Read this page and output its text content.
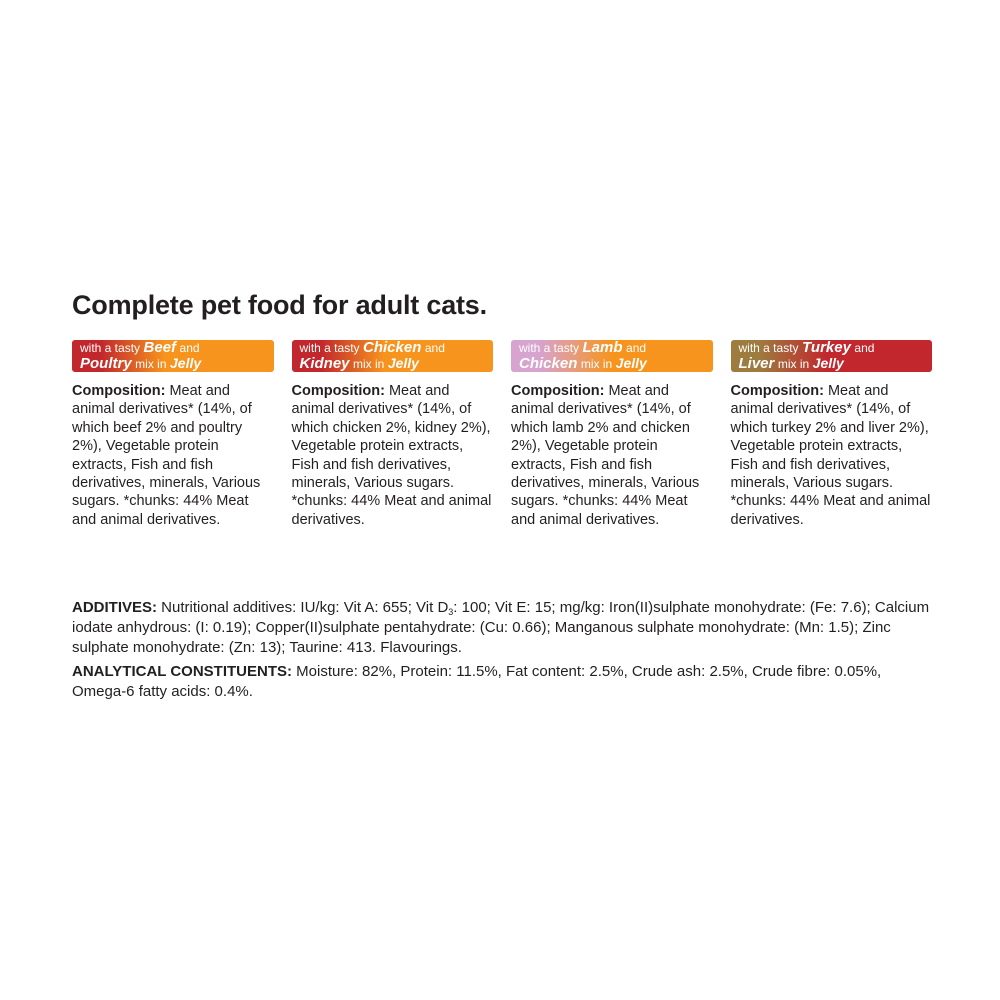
Complete pet food for adult cats.
with a tasty Beef and
Poultry mix in Jelly
Composition: Meat and animal derivatives* (14%, of which beef 2% and poultry 2%), Vegetable protein extracts, Fish and fish derivatives, minerals, Various sugars. *chunks: 44% Meat and animal derivatives.
with a tasty Chicken and
Kidney mix in Jelly
Composition: Meat and animal derivatives* (14%, of which chicken 2%, kidney 2%), Vegetable protein extracts, Fish and fish derivatives, minerals, Various sugars. *chunks: 44% Meat and animal derivatives.
with a tasty Lamb and
Chicken mix in Jelly
Composition: Meat and animal derivatives* (14%, of which lamb 2% and chicken 2%), Vegetable protein extracts, Fish and fish derivatives, minerals, Various sugars. *chunks: 44% Meat and animal derivatives.
with a tasty Turkey and
Liver mix in Jelly
Composition: Meat and animal derivatives* (14%, of which turkey 2% and liver 2%), Vegetable protein extracts, Fish and fish derivatives, minerals, Various sugars. *chunks: 44% Meat and animal derivatives.

ADDITIVES: Nutritional additives: IU/kg: Vit A: 655; Vit $D_3$: 100; Vit E: 15; mg/kg: Iron(II)sulphate monohydrate: (Fe: 7.6); Calcium iodate anhydrous: (I: 0.19); Copper(II)sulphate pentahydrate: (Cu: 0.66); Manganous sulphate monohydrate: (Mn: 1.5); Zinc sulphate monohydrate: (Zn: 13); Taurine: 413. Flavourings.

ANALYTICAL CONSTITUENTS: Moisture: 82%, Protein: 11.5%, Fat content: 2.5%, Crude ash: 2.5%, Crude fibre: 0.05%, Omega-6 fatty acids: 0.4%.
